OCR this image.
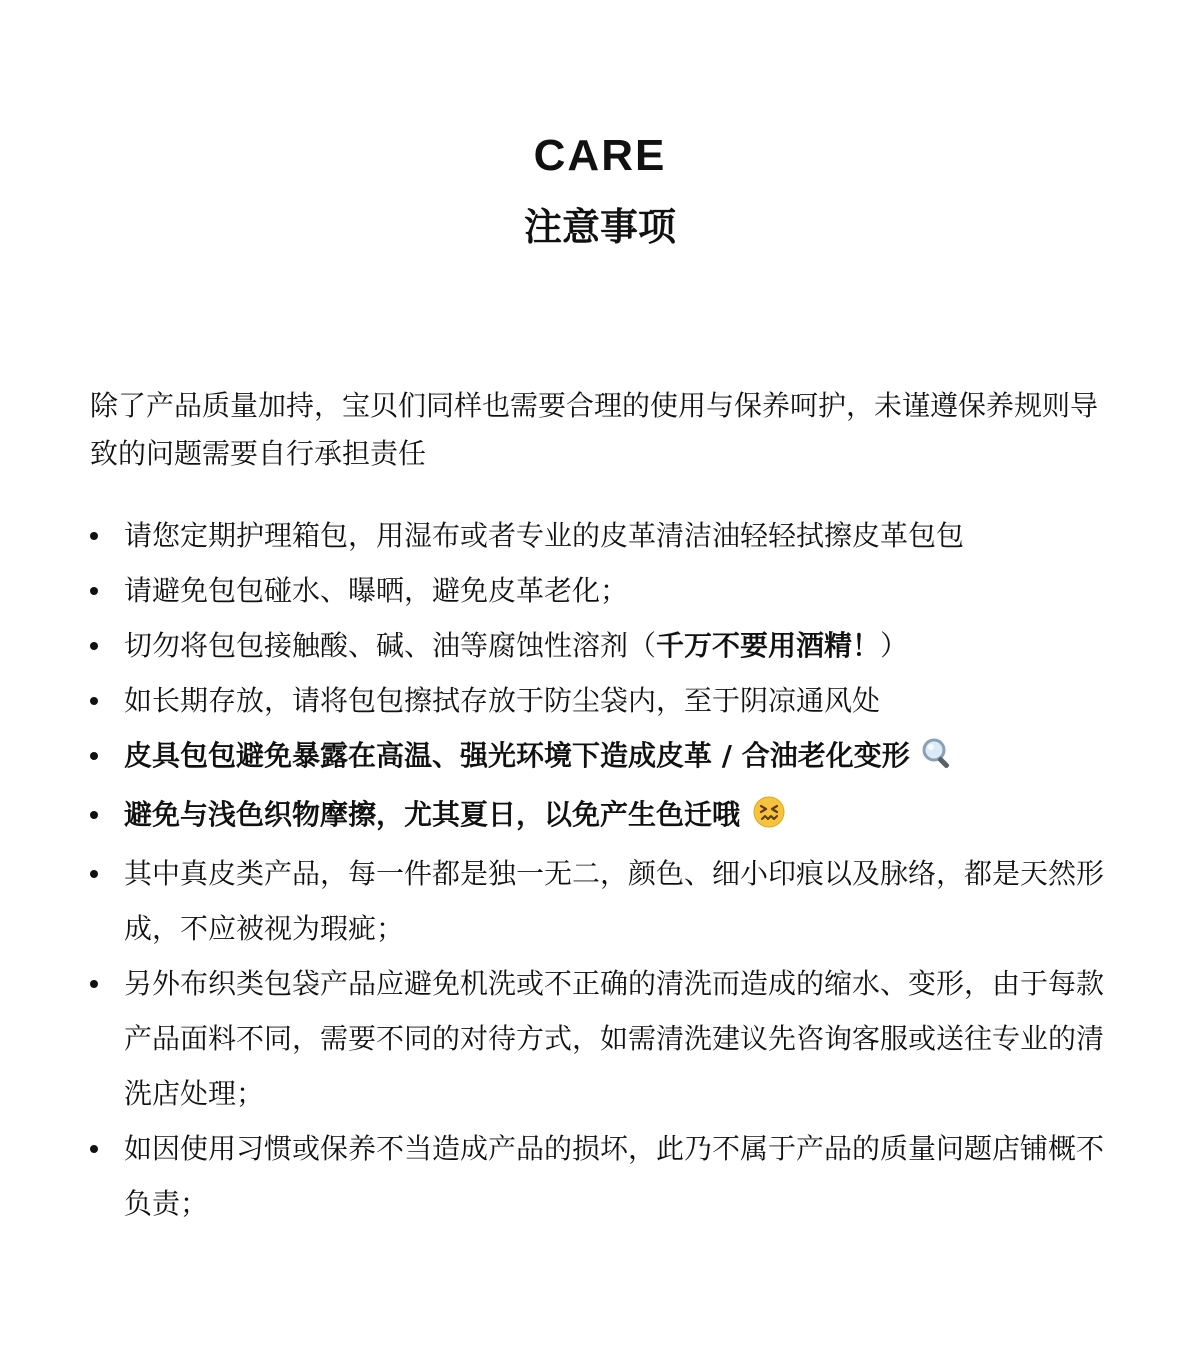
CARE
注意事项

除了产品质量加持，宝贝们同样也需要合理的使用与保养呵护，未谨遵保养规则导致的问题需要自行承担责任

请您定期护理箱包，用湿布或者专业的皮革清洁油轻轻拭擦皮革包包
请避免包包碰水、曝晒，避免皮革老化；
切勿将包包接触酸、碱、油等腐蚀性溶剂（千万不要用酒精！）
如长期存放，请将包包擦拭存放于防尘袋内，至于阴凉通风处
皮具包包避免暴露在高温、强光环境下造成皮革 / 合油老化变形
避免与浅色织物摩擦，尤其夏日，以免产生色迁哦
其中真皮类产品，每一件都是独一无二，颜色、细小印痕以及脉络，都是天然形成，不应被视为瑕疵；
另外布织类包袋产品应避免机洗或不正确的清洗而造成的缩水、变形，由于每款产品面料不同，需要不同的对待方式，如需清洗建议先咨询客服或送往专业的清洗店处理；
如因使用习惯或保养不当造成产品的损坏，此乃不属于产品的质量问题店铺概不负责；
